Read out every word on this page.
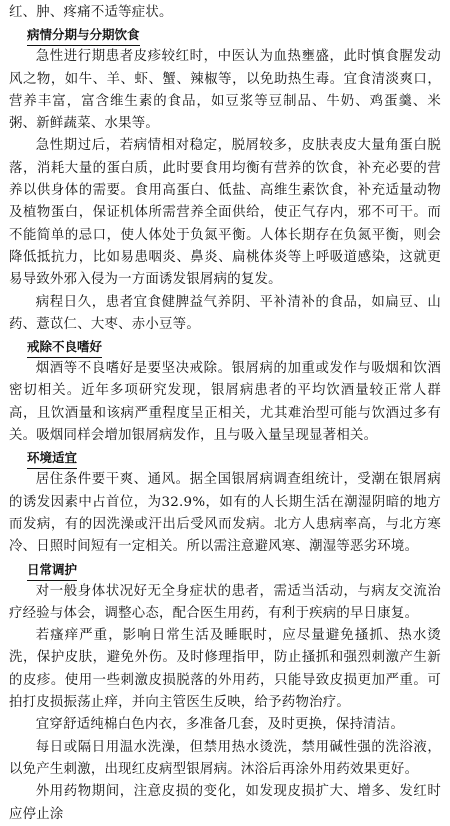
红、肿、疼痛不适等症状。

病情分期与分期饮食

急性进行期患者皮疹较红时，中医认为血热壅盛，此时慎食腥发动风之物，如牛、羊、虾、蟹、辣椒等，以免助热生毒。宜食清淡爽口，营养丰富，富含维生素的食品，如豆浆等豆制品、牛奶、鸡蛋羹、米粥、新鲜蔬菜、水果等。

急性期过后，若病情相对稳定，脱屑较多，皮肤表皮大量角蛋白脱落，消耗大量的蛋白质，此时要食用均衡有营养的饮食，补充必要的营养以供身体的需要。食用高蛋白、低盐、高维生素饮食，补充适量动物及植物蛋白，保证机体所需营养全面供给，使正气存内，邪不可干。而不能简单的忌口，使人体处于负氮平衡。人体长期存在负氮平衡，则会降低抵抗力，比如易患咽炎、鼻炎、扁桃体炎等上呼吸道感染，这就更易导致外邪入侵为一方面诱发银屑病的复发。

病程日久，患者宜食健脾益气养阴、平补清补的食品，如扁豆、山药、薏苡仁、大枣、赤小豆等。

戒除不良嗜好

烟酒等不良嗜好是要坚决戒除。银屑病的加重或发作与吸烟和饮酒密切相关。近年多项研究发现，银屑病患者的平均饮酒量较正常人群高，且饮酒量和该病严重程度呈正相关，尤其难治型可能与饮酒过多有关。吸烟同样会增加银屑病发作，且与吸入量呈现显著相关。

环境适宜

居住条件要干爽、通风。据全国银屑病调查组统计，受潮在银屑病的诱发因素中占首位，为32.9%，如有的人长期生活在潮湿阴暗的地方而发病，有的因洗澡或汗出后受风而发病。北方人患病率高，与北方寒冷、日照时间短有一定相关。所以需注意避风寒、潮湿等恶劣环境。

日常调护

对一般身体状况好无全身症状的患者，需适当活动，与病友交流治疗经验与体会，调整心态，配合医生用药，有利于疾病的早日康复。

若瘙痒严重，影响日常生活及睡眠时，应尽量避免搔抓、热水烫洗，保护皮肤，避免外伤。及时修理指甲，防止搔抓和强烈刺激产生新的皮疹。使用一些刺激皮损脱落的外用药，只能导致皮损更加严重。可拍打皮损振荡止痒，并向主管医生反映，给予药物治疗。

宜穿舒适纯棉白色内衣，多准备几套，及时更换，保持清洁。

每日或隔日用温水洗澡，但禁用热水烫洗，禁用碱性强的洗浴液，以免产生刺激，出现红皮病型银屑病。沐浴后再涂外用药效果更好。

外用药物期间，注意皮损的变化，如发现皮损扩大、增多、发红时应停止涂
